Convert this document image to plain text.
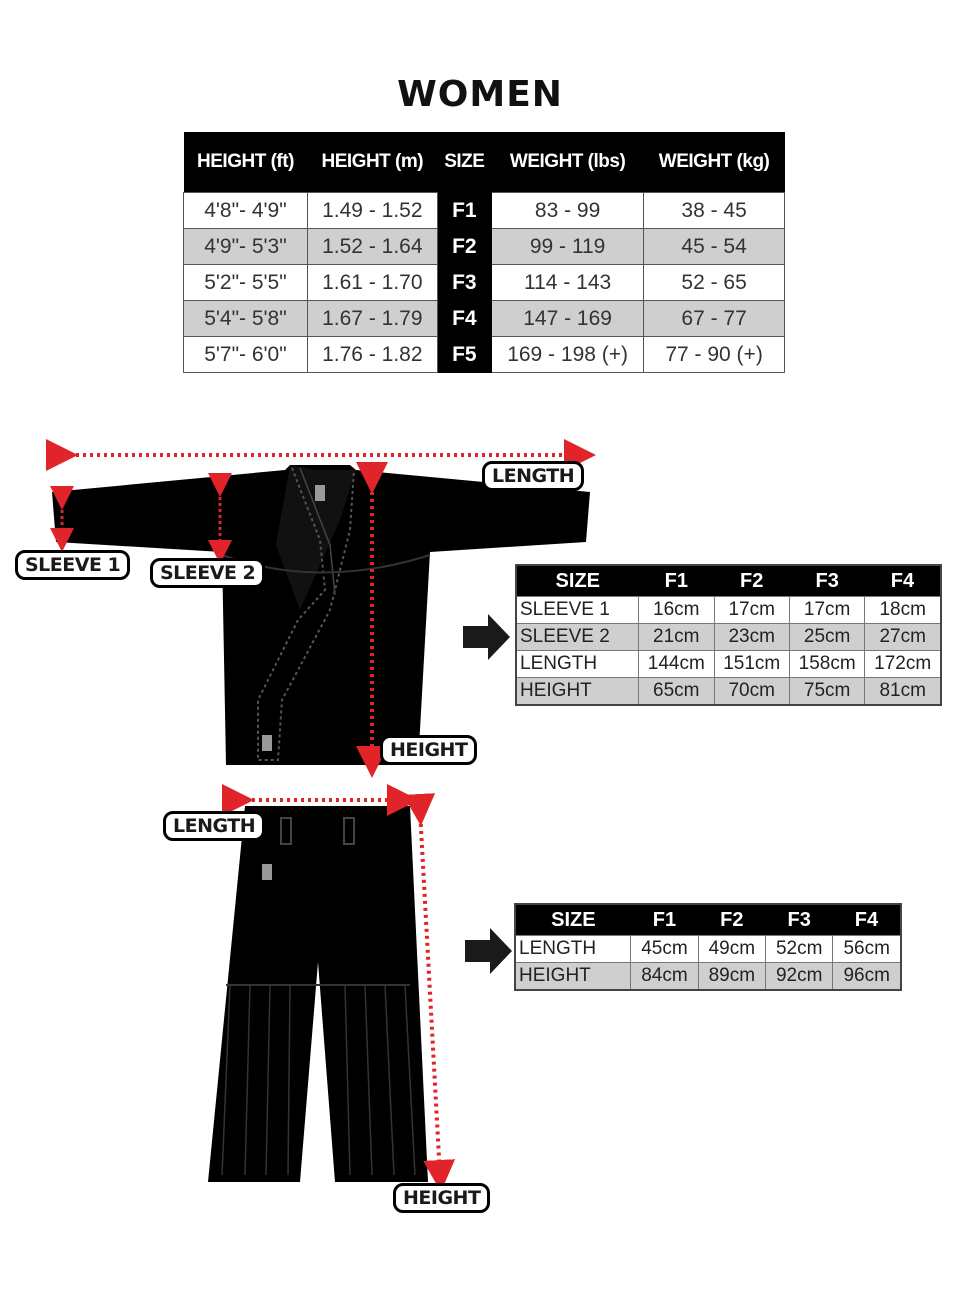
WOMEN
HEIGHT (ft)	HEIGHT (m)	SIZE	WEIGHT (lbs)	WEIGHT (kg)
4'8"- 4'9"	1.49 - 1.52	F1	83 - 99	38 - 45
4'9"- 5'3"	1.52 - 1.64	F2	99 - 119	45 - 54
5'2"- 5'5"	1.61 - 1.70	F3	114 - 143	52 - 65
5'4"- 5'8"	1.67 - 1.79	F4	147 - 169	67 - 77
5'7"- 6'0"	1.76 - 1.82	F5	169 - 198 (+)	77 - 90 (+)
LENGTH
SLEEVE 1	SLEEVE 2
HEIGHT
LENGTH
HEIGHT
SIZE	F1	F2	F3	F4
SLEEVE 1	16cm	17cm	17cm	18cm
SLEEVE 2	21cm	23cm	25cm	27cm
LENGTH	144cm	151cm	158cm	172cm
HEIGHT	65cm	70cm	75cm	81cm
SIZE	F1	F2	F3	F4
LENGTH	45cm	49cm	52cm	56cm
HEIGHT	84cm	89cm	92cm	96cm
